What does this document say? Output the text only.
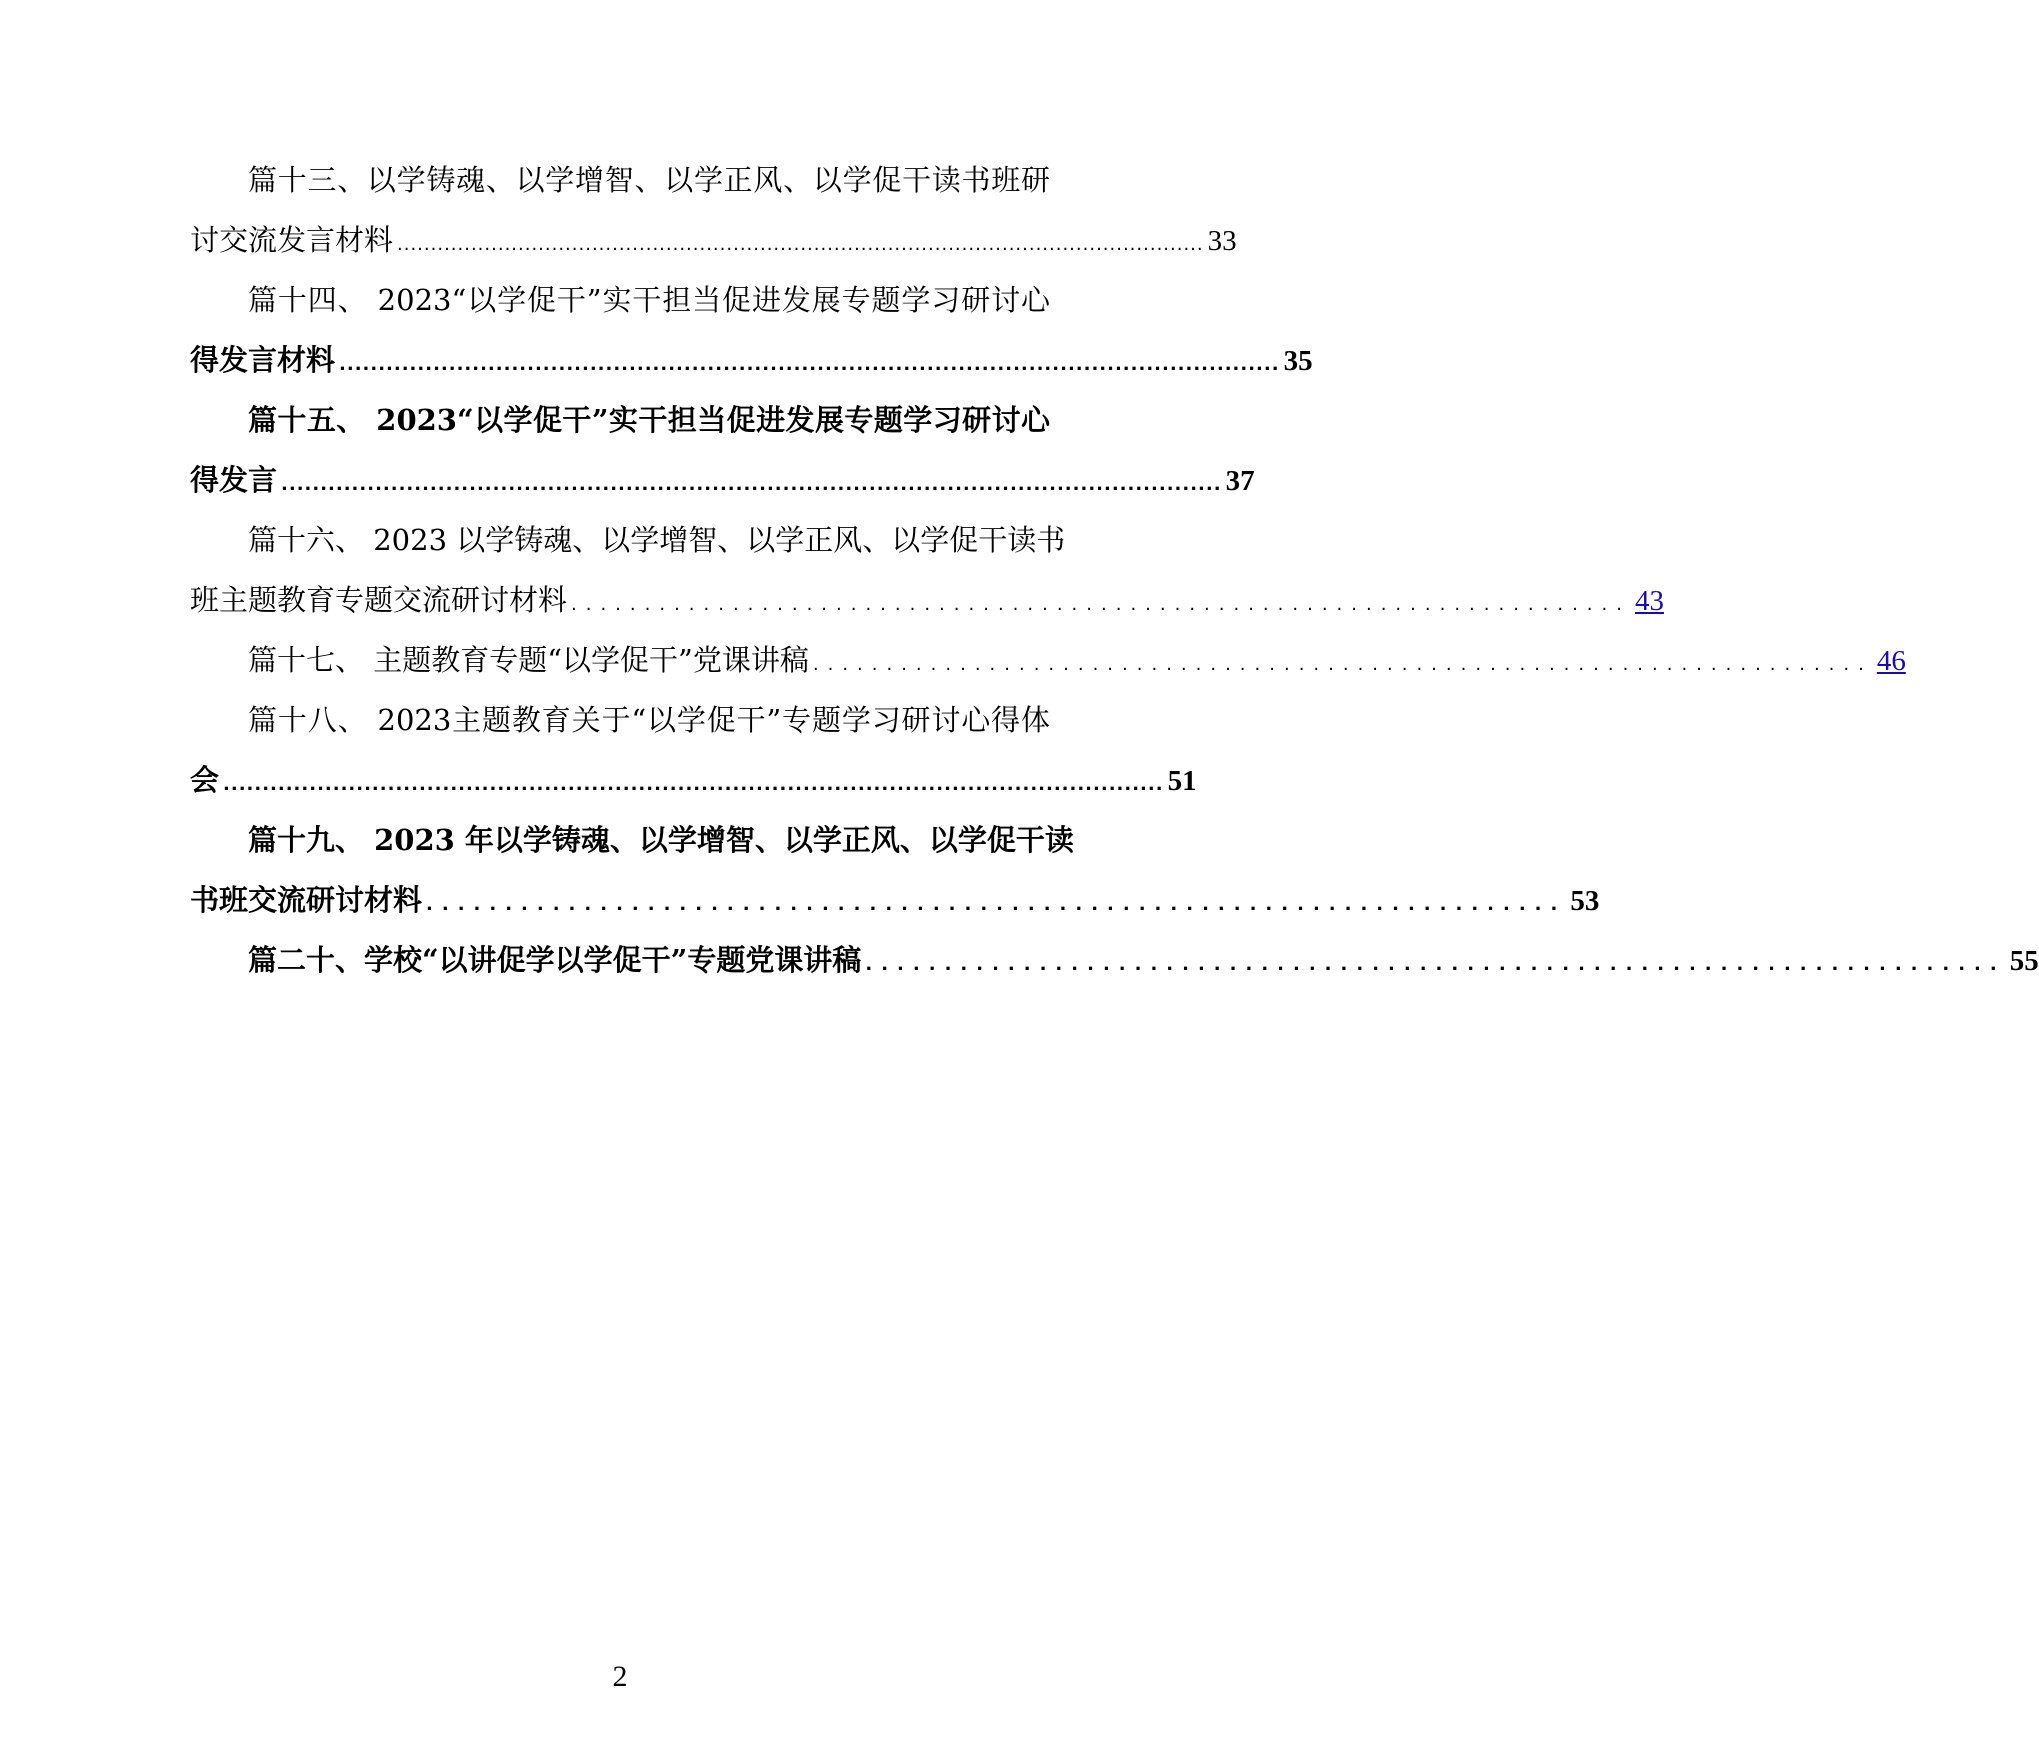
篇十三、以学铸魂、以学增智、以学正风、以学促干读书班研
讨交流发言材料 ........................................................................................................................ 33
篇十四、 2023“以学促干”实干担当促进发展专题学习研讨心
得发言材料 ........................................................................................................................ 35
篇十五、 2023“以学促干”实干担当促进发展专题学习研讨心
得发言 ........................................................................................................................ 37
篇十六、 2023 以学铸魂、以学增智、以学正风、以学促干读书
班主题教育专题交流研讨材料 ........................................................................ 43
篇十七、 主题教育专题“以学促干”党课讲稿 ........................................................................ 46
篇十八、 2023主题教育关于“以学促干”专题学习研讨心得体
会 ........................................................................................................................ 51
篇十九、 2023 年以学铸魂、以学增智、以学正风、以学促干读
书班交流研讨材料 ........................................................................ 53
篇二十、学校“以讲促学以学促干”专题党课讲稿 ........................................................................ 55
2
